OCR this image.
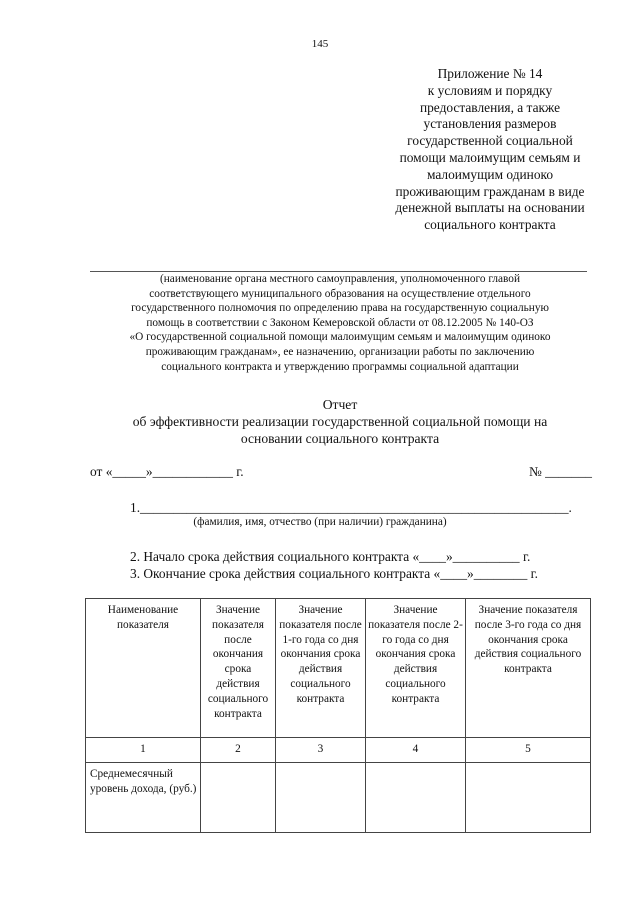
145
Приложение № 14
к условиям и порядку
предоставления, а также
установления размеров
государственной социальной
помощи малоимущим семьям и
малоимущим одиноко
проживающим гражданам в виде
денежной выплаты на основании
социального контракта
(наименование органа местного самоуправления, уполномоченного главой
соответствующего муниципального образования на осуществление отдельного
государственного полномочия по определению права на государственную социальную
помощь в соответствии с Законом Кемеровской области от 08.12.2005 № 140-ОЗ
«О государственной социальной помощи малоимущим семьям и малоимущим одиноко
проживающим гражданам», ее назначению, организации работы по заключению
социального контракта и утверждению программы социальной адаптации
Отчет
об эффективности реализации государственной социальной помощи на
основании социального контракта
от «_____»____________ г.	№ _______
1.________________________________________________________________.
(фамилия, имя, отчество (при наличии) гражданина)
2. Начало срока действия социального контракта «____»__________ г.
3. Окончание срока действия социального контракта «____»________ г.
Наименование показателя	Значение показателя после окончания срока действия социального контракта	Значение показателя после 1-го года со дня окончания срока действия социального контракта	Значение показателя после 2-го года со дня окончания срока действия социального контракта	Значение показателя после 3-го года со дня окончания срока действия социального контракта
1	2	3	4	5
Среднемесячный уровень дохода, (руб.)				
